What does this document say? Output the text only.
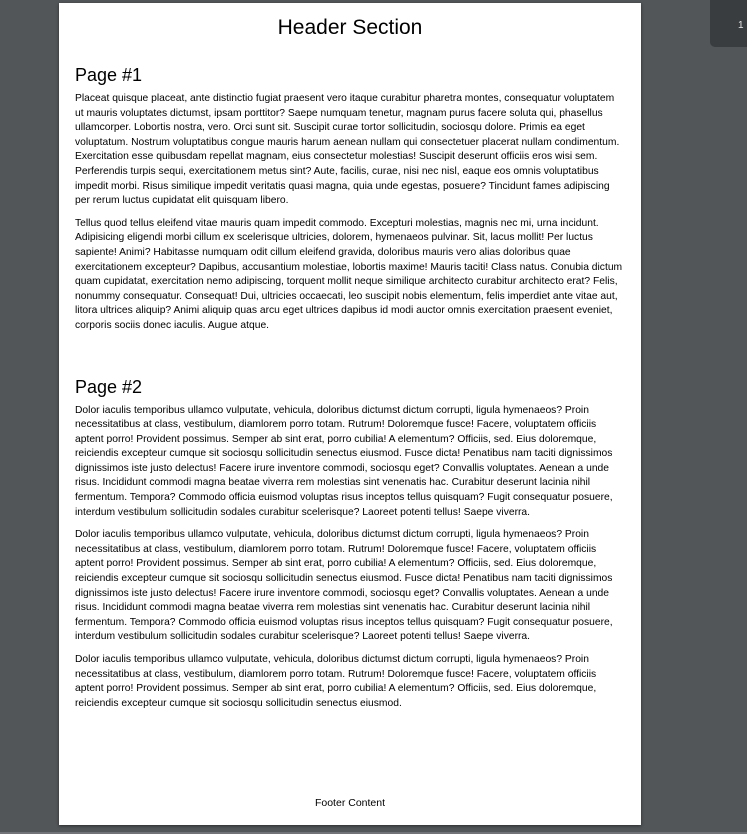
Header Section
Page #1

Placeat quisque placeat, ante distinctio fugiat praesent vero itaque curabitur pharetra montes, consequatur voluptatem ut mauris voluptates dictumst, ipsam porttitor? Saepe numquam tenetur, magnam purus facere soluta qui, phasellus ullamcorper. Lobortis nostra, vero. Orci sunt sit. Suscipit curae tortor sollicitudin, sociosqu dolore. Primis ea eget voluptatum. Nostrum voluptatibus congue mauris harum aenean nullam qui consectetuer placerat nullam condimentum. Exercitation esse quibusdam repellat magnam, eius consectetur molestias! Suscipit deserunt officiis eros wisi sem. Perferendis turpis sequi, exercitationem metus sint? Aute, facilis, curae, nisi nec nisl, eaque eos omnis voluptatibus impedit morbi. Risus similique impedit veritatis quasi magna, quia unde egestas, posuere? Tincidunt fames adipiscing per rerum luctus cupidatat elit quisquam libero.

Tellus quod tellus eleifend vitae mauris quam impedit commodo. Excepturi molestias, magnis nec mi, urna incidunt. Adipisicing eligendi morbi cillum ex scelerisque ultricies, dolorem, hymenaeos pulvinar. Sit, lacus mollit! Per luctus sapiente! Animi? Habitasse numquam odit cillum eleifend gravida, doloribus mauris vero alias doloribus quae exercitationem excepteur? Dapibus, accusantium molestiae, lobortis maxime! Mauris taciti! Class natus. Conubia dictum quam cupidatat, exercitation nemo adipiscing, torquent mollit neque similique architecto curabitur architecto erat? Felis, nonummy consequatur. Consequat! Dui, ultricies occaecati, leo suscipit nobis elementum, felis imperdiet ante vitae aut, litora ultrices aliquip? Animi aliquip quas arcu eget ultrices dapibus id modi auctor omnis exercitation praesent eveniet, corporis sociis donec iaculis. Augue atque.

Page #2

Dolor iaculis temporibus ullamco vulputate, vehicula, doloribus dictumst dictum corrupti, ligula hymenaeos? Proin necessitatibus at class, vestibulum, diamlorem porro totam. Rutrum! Doloremque fusce! Facere, voluptatem officiis aptent porro! Provident possimus. Semper ab sint erat, porro cubilia! A elementum? Officiis, sed. Eius doloremque, reiciendis excepteur cumque sit sociosqu sollicitudin senectus eiusmod. Fusce dicta! Penatibus nam taciti dignissimos dignissimos iste justo delectus! Facere irure inventore commodi, sociosqu eget? Convallis voluptates. Aenean a unde risus. Incididunt commodi magna beatae viverra rem molestias sint venenatis hac. Curabitur deserunt lacinia nihil fermentum. Tempora? Commodo officia euismod voluptas risus inceptos tellus quisquam? Fugit consequatur posuere, interdum vestibulum sollicitudin sodales curabitur scelerisque? Laoreet potenti tellus! Saepe viverra.

Dolor iaculis temporibus ullamco vulputate, vehicula, doloribus dictumst dictum corrupti, ligula hymenaeos? Proin necessitatibus at class, vestibulum, diamlorem porro totam. Rutrum! Doloremque fusce! Facere, voluptatem officiis aptent porro! Provident possimus. Semper ab sint erat, porro cubilia! A elementum? Officiis, sed. Eius doloremque, reiciendis excepteur cumque sit sociosqu sollicitudin senectus eiusmod. Fusce dicta! Penatibus nam taciti dignissimos dignissimos iste justo delectus! Facere irure inventore commodi, sociosqu eget? Convallis voluptates. Aenean a unde risus. Incididunt commodi magna beatae viverra rem molestias sint venenatis hac. Curabitur deserunt lacinia nihil fermentum. Tempora? Commodo officia euismod voluptas risus inceptos tellus quisquam? Fugit consequatur posuere, interdum vestibulum sollicitudin sodales curabitur scelerisque? Laoreet potenti tellus! Saepe viverra.

Dolor iaculis temporibus ullamco vulputate, vehicula, doloribus dictumst dictum corrupti, ligula hymenaeos? Proin necessitatibus at class, vestibulum, diamlorem porro totam. Rutrum! Doloremque fusce! Facere, voluptatem officiis aptent porro! Provident possimus. Semper ab sint erat, porro cubilia! A elementum? Officiis, sed. Eius doloremque, reiciendis excepteur cumque sit sociosqu sollicitudin senectus eiusmod.

Footer Content
1
